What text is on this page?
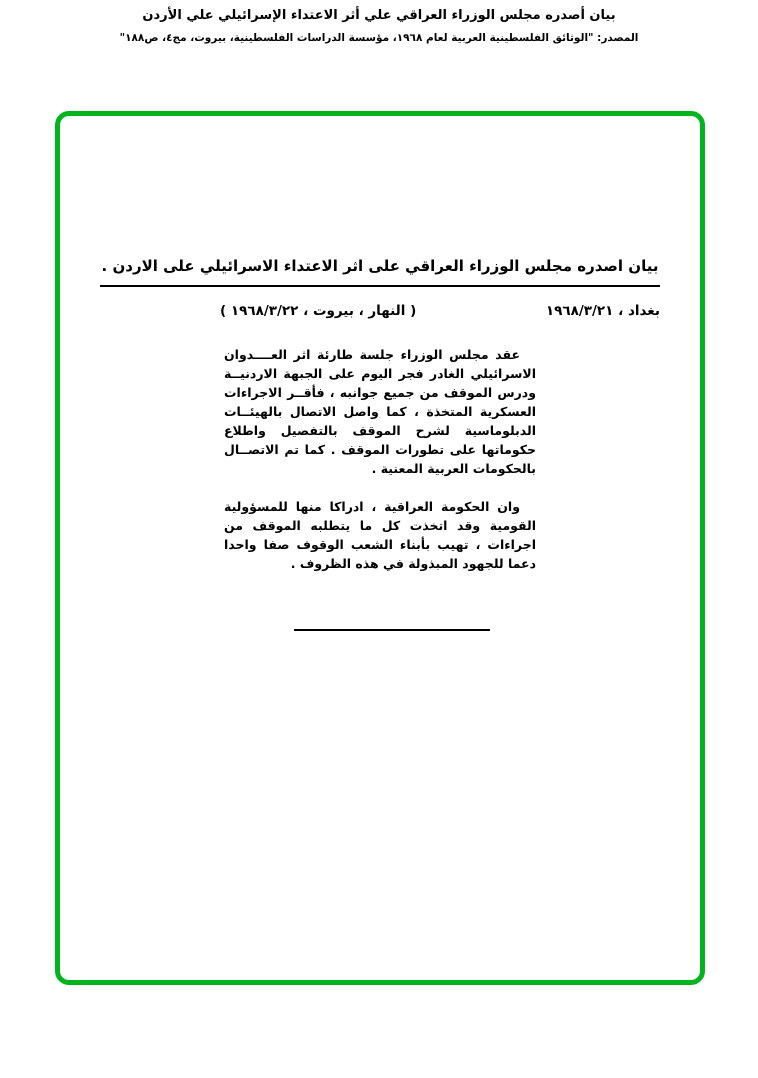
بيان أصدره مجلس الوزراء العراقي علي أثر الاعتداء الإسرائيلي علي الأردن
المصدر: "الوثائق الفلسطينية العربية لعام ١٩٦٨، مؤسسة الدراسات الفلسطينية، بيروت، مج٤، ص١٨٨"
بيان اصدره مجلس الوزراء العراقي على اثر الاعتداء الاسرائيلي على الاردن .
بغداد ، ١٩٦٨/٣/٢١
( النهار ، بيروت ، ١٩٦٨/٣/٢٢ )

عقد مجلس الوزراء جلسة طارئة اثر العــــدوان الاسرائيلي الغادر فجر اليوم على الجبهة الاردنيــة ودرس الموقف من جميع جوانبه ، فأقــر الاجراءات العسكرية المتخذة ، كما واصل الاتصال بالهيئــات الدبلوماسية لشرح الموقف بالتفصيل واطلاع حكوماتها على تطورات الموقف . كما تم الاتصــال بالحكومات العربية المعنية .

وان الحكومة العراقية ، ادراكا منها للمسؤولية القومية وقد اتخذت كل ما يتطلبه الموقف من اجراءات ، تهيب بأبناء الشعب الوقوف صفا واحدا دعما للجهود المبذولة في هذه الظروف .
